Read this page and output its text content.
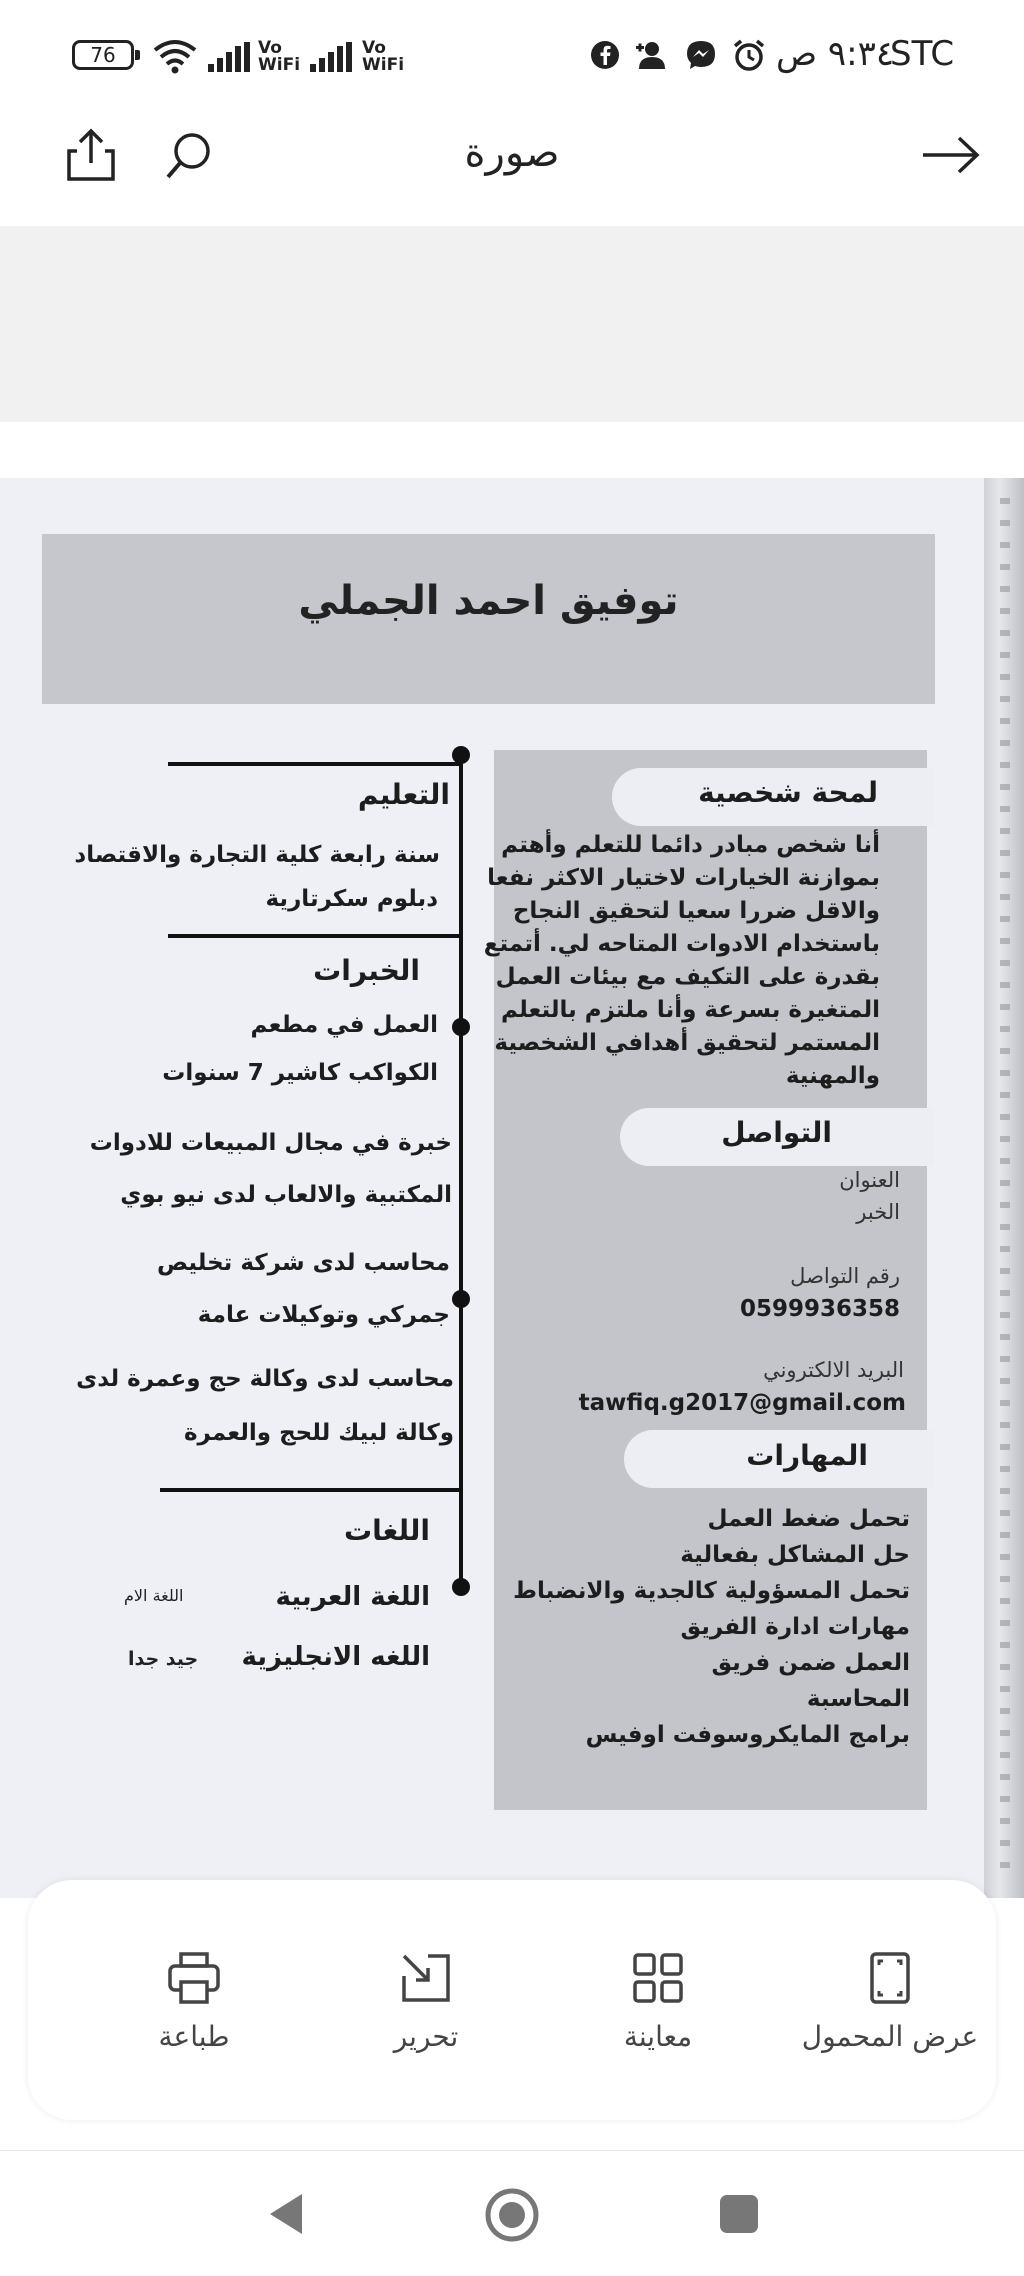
76	Vo
WiFi
Vo
WiFi	٩:٣٤ ص
STC
صورة
توفيق احمد الجملي
لمحة شخصية
أنا شخص مبادر دائما للتعلم وأهتم
بموازنة الخيارات لاختيار الاكثر نفعا
والاقل ضررا سعيا لتحقيق النجاح
باستخدام الادوات المتاحه لي. أتمتع
بقدرة على التكيف مع بيئات العمل
المتغيرة بسرعة وأنا ملتزم بالتعلم
المستمر لتحقيق أهدافي الشخصية
والمهنية
التواصل
العنوان
الخبر
رقم التواصل
0599936358
البريد الالكتروني
tawfiq.g2017@gmail.com
المهارات
تحمل ضغط العمل
حل المشاكل بفعالية
تحمل المسؤولية كالجدية والانضباط
مهارات ادارة الفريق
العمل ضمن فريق
المحاسبة
برامج المايكروسوفت اوفيس
التعليم
سنة رابعة كلية التجارة والاقتصاد
دبلوم سكرتارية
الخبرات
العمل في مطعم
الكواكب كاشير 7 سنوات
خبرة في مجال المبيعات للادوات
المكتبية والالعاب لدى نيو بوي
محاسب لدى شركة تخليص
جمركي وتوكيلات عامة
محاسب لدى وكالة حج وعمرة لدى
وكالة لبيك للحج والعمرة
اللغات
اللغة العربية
اللغة الام
اللغه الانجليزية
جيد جدا
عرض المحمول
معاينة
تحرير
طباعة
